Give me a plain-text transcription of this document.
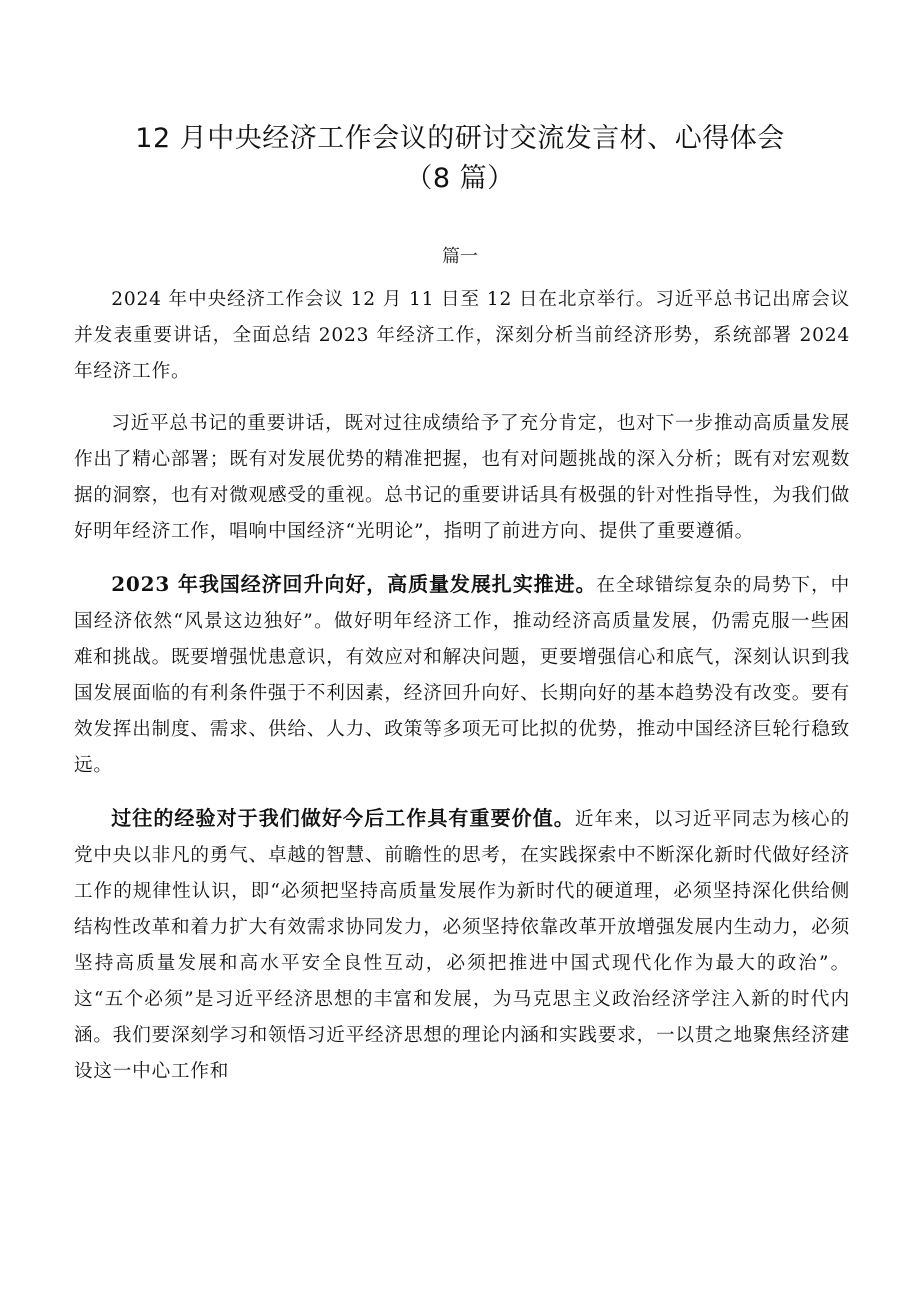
12 月中央经济工作会议的研讨交流发言材、心得体会
（8 篇）
篇一

2024 年中央经济工作会议 12 月 11 日至 12 日在北京举行。习近平总书记出席会议并发表重要讲话，全面总结 2023 年经济工作，深刻分析当前经济形势，系统部署 2024 年经济工作。

习近平总书记的重要讲话，既对过往成绩给予了充分肯定，也对下一步推动高质量发展作出了精心部署；既有对发展优势的精准把握，也有对问题挑战的深入分析；既有对宏观数据的洞察，也有对微观感受的重视。总书记的重要讲话具有极强的针对性指导性，为我们做好明年经济工作，唱响中国经济“光明论”，指明了前进方向、提供了重要遵循。

2023 年我国经济回升向好，高质量发展扎实推进。在全球错综复杂的局势下，中国经济依然“风景这边独好”。做好明年经济工作，推动经济高质量发展，仍需克服一些困难和挑战。既要增强忧患意识，有效应对和解决问题，更要增强信心和底气，深刻认识到我国发展面临的有利条件强于不利因素，经济回升向好、长期向好的基本趋势没有改变。要有效发挥出制度、需求、供给、人力、政策等多项无可比拟的优势，推动中国经济巨轮行稳致远。

过往的经验对于我们做好今后工作具有重要价值。近年来，以习近平同志为核心的党中央以非凡的勇气、卓越的智慧、前瞻性的思考，在实践探索中不断深化新时代做好经济工作的规律性认识，即“必须把坚持高质量发展作为新时代的硬道理，必须坚持深化供给侧结构性改革和着力扩大有效需求协同发力，必须坚持依靠改革开放增强发展内生动力，必须坚持高质量发展和高水平安全良性互动，必须把推进中国式现代化作为最大的政治”。这“五个必须”是习近平经济思想的丰富和发展，为马克思主义政治经济学注入新的时代内涵。我们要深刻学习和领悟习近平经济思想的理论内涵和实践要求，一以贯之地聚焦经济建设这一中心工作和
